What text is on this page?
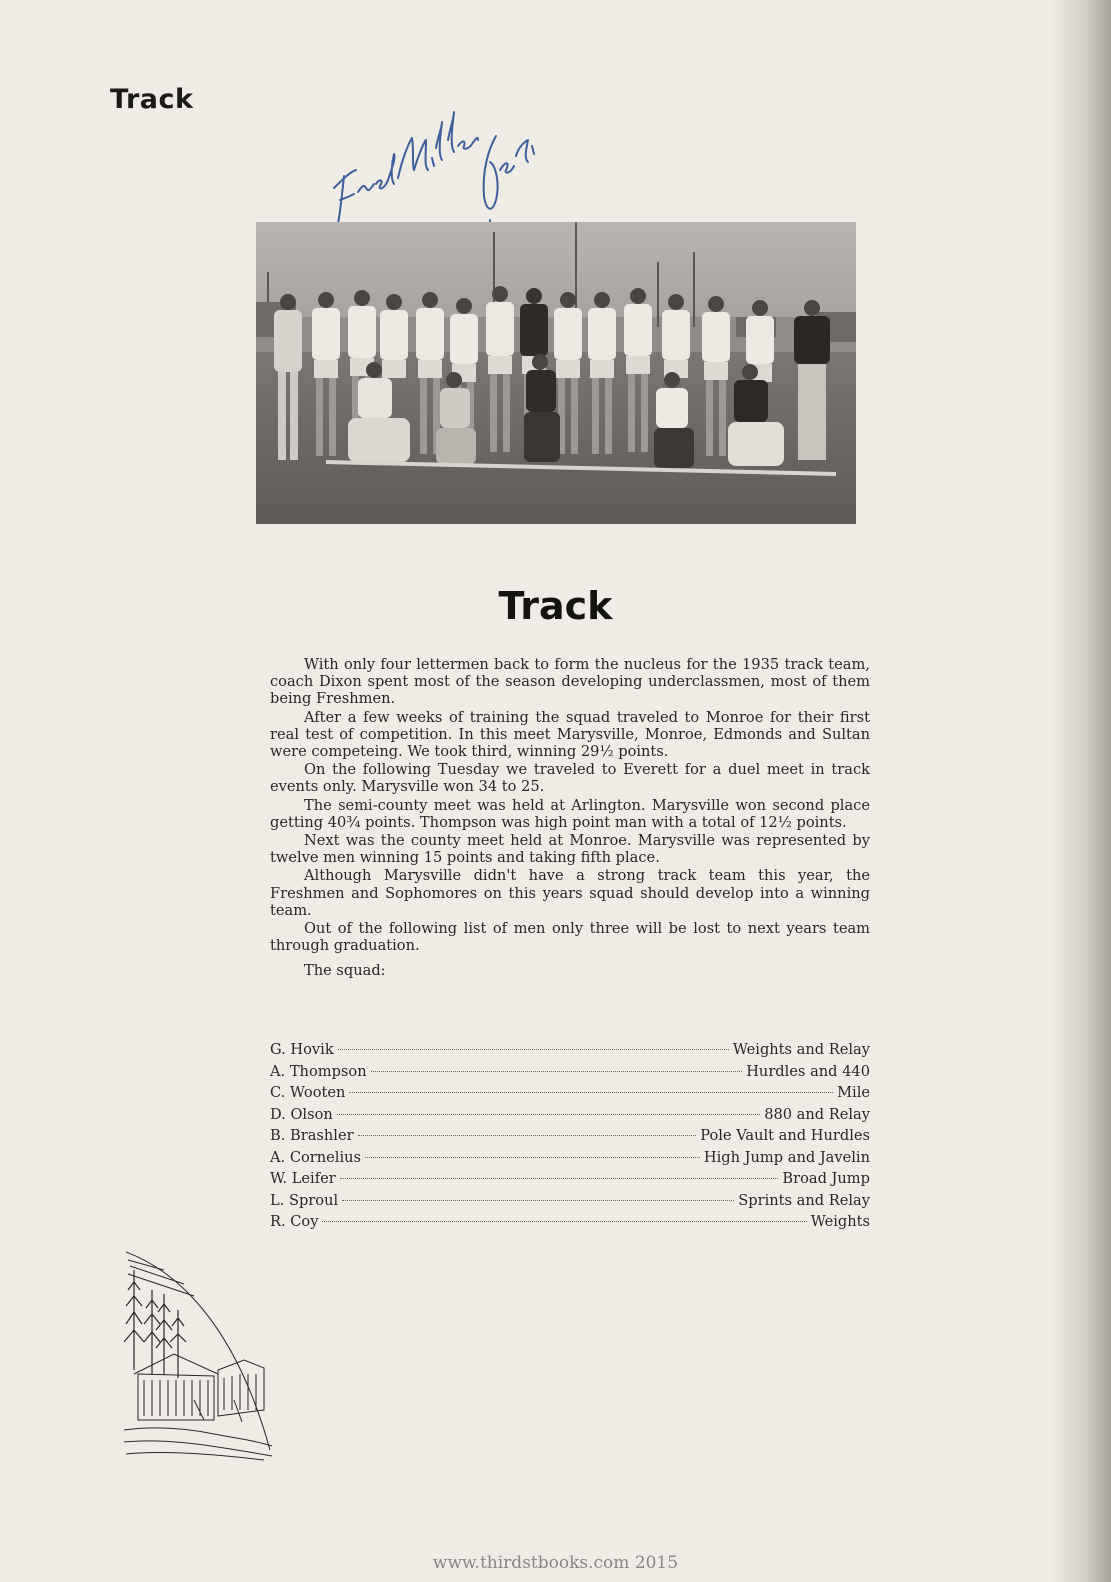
Track
Track

With only four lettermen back to form the nucleus for the 1935 track team, coach Dixon spent most of the season developing underclassmen, most of them being Freshmen.

After a few weeks of training the squad traveled to Monroe for their first real test of competition. In this meet Marysville, Monroe, Edmonds and Sultan were competeing. We took third, winning 29½ points.

On the following Tuesday we traveled to Everett for a duel meet in track events only. Marysville won 34 to 25.

The semi-county meet was held at Arlington. Marysville won second place getting 40¾ points. Thompson was high point man with a total of 12½ points.

Next was the county meet held at Monroe. Marysville was represented by twelve men winning 15 points and taking fifth place.

Although Marysville didn't have a strong track team this year, the Freshmen and Sophomores on this years squad should develop into a winning team.

Out of the following list of men only three will be lost to next years team through graduation.

The squad:

G. Hovik	Weights and Relay
A. Thompson	Hurdles and 440
C. Wooten	Mile
D. Olson	880 and Relay
B. Brashler	Pole Vault and Hurdles
A. Cornelius	High Jump and Javelin
W. Leifer	Broad Jump
L. Sproul	Sprints and Relay
R. Coy	Weights
www.thirdstbooks.com 2015
